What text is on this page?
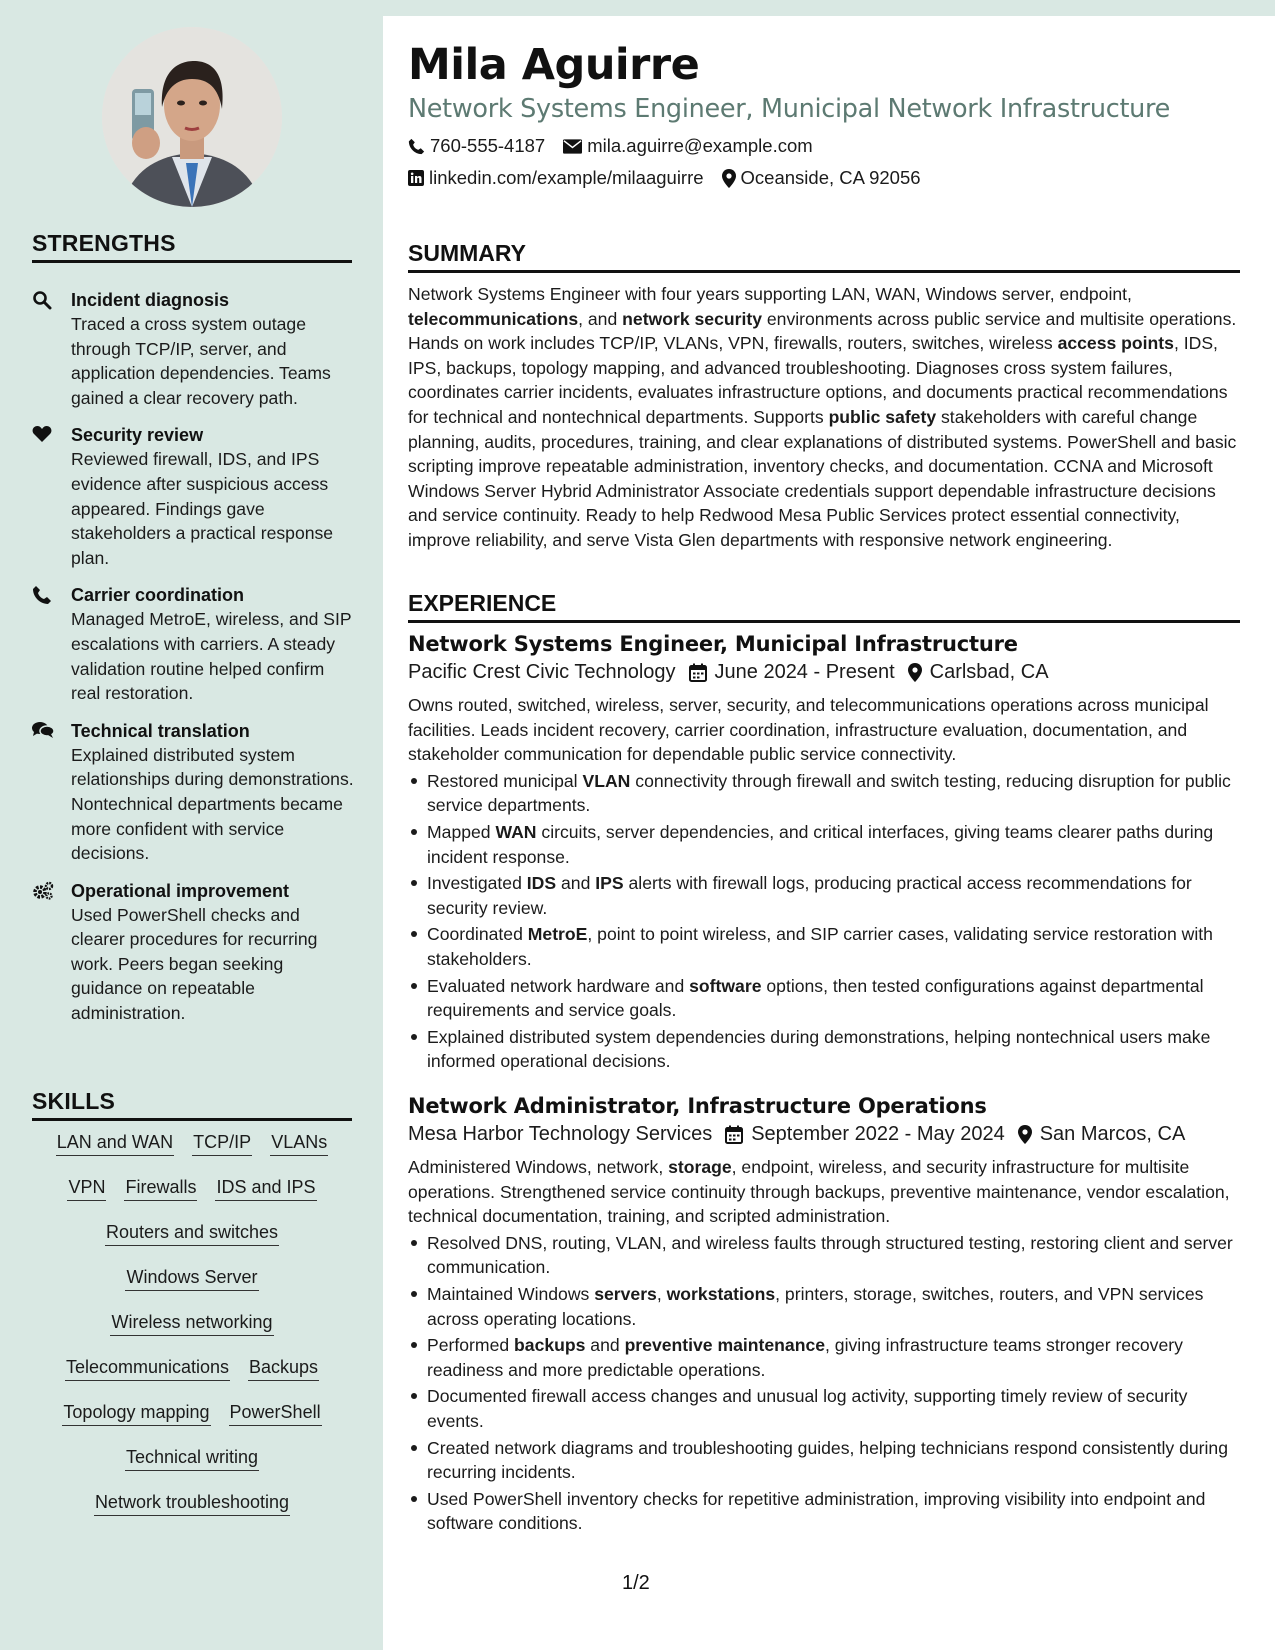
STRENGTHS
Incident diagnosis
Traced a cross system outage through TCP/IP, server, and application dependencies. Teams gained a clear recovery path.
Security review
Reviewed firewall, IDS, and IPS evidence after suspicious access appeared. Findings gave stakeholders a practical response plan.
Carrier coordination
Managed MetroE, wireless, and SIP escalations with carriers. A steady validation routine helped confirm real restoration.
Technical translation
Explained distributed system relationships during demonstrations. Nontechnical departments became more confident with service decisions.
Operational improvement
Used PowerShell checks and clearer procedures for recurring work. Peers began seeking guidance on repeatable administration.
SKILLS
LAN and WAN TCP/IP VLANs
VPN Firewalls IDS and IPS
Routers and switches
Windows Server
Wireless networking
Telecommunications Backups
Topology mapping PowerShell
Technical writing
Network troubleshooting
Mila Aguirre
Network Systems Engineer, Municipal Network Infrastructure
760-555-4187 mila.aguirre@example.com
linkedin.com/example/milaaguirre Oceanside, CA 92056
SUMMARY
Network Systems Engineer with four years supporting LAN, WAN, Windows server, endpoint, telecommunications, and network security environments across public service and multisite operations. Hands on work includes TCP/IP, VLANs, VPN, firewalls, routers, switches, wireless access points, IDS, IPS, backups, topology mapping, and advanced troubleshooting. Diagnoses cross system failures, coordinates carrier incidents, evaluates infrastructure options, and documents practical recommendations for technical and nontechnical departments. Supports public safety stakeholders with careful change planning, audits, procedures, training, and clear explanations of distributed systems. PowerShell and basic scripting improve repeatable administration, inventory checks, and documentation. CCNA and Microsoft Windows Server Hybrid Administrator Associate credentials support dependable infrastructure decisions and service continuity. Ready to help Redwood Mesa Public Services protect essential connectivity, improve reliability, and serve Vista Glen departments with responsive network engineering.
EXPERIENCE
Network Systems Engineer, Municipal Infrastructure
Pacific Crest Civic Technology June 2024 - Present Carlsbad, CA
Owns routed, switched, wireless, server, security, and telecommunications operations across municipal facilities. Leads incident recovery, carrier coordination, infrastructure evaluation, documentation, and stakeholder communication for dependable public service connectivity.
Restored municipal VLAN connectivity through firewall and switch testing, reducing disruption for public service departments.
Mapped WAN circuits, server dependencies, and critical interfaces, giving teams clearer paths during incident response.
Investigated IDS and IPS alerts with firewall logs, producing practical access recommendations for security review.
Coordinated MetroE, point to point wireless, and SIP carrier cases, validating service restoration with stakeholders.
Evaluated network hardware and software options, then tested configurations against departmental requirements and service goals.
Explained distributed system dependencies during demonstrations, helping nontechnical users make informed operational decisions.
Network Administrator, Infrastructure Operations
Mesa Harbor Technology Services September 2022 - May 2024 San Marcos, CA
Administered Windows, network, storage, endpoint, wireless, and security infrastructure for multisite operations. Strengthened service continuity through backups, preventive maintenance, vendor escalation, technical documentation, training, and scripted administration.
Resolved DNS, routing, VLAN, and wireless faults through structured testing, restoring client and server communication.
Maintained Windows servers, workstations, printers, storage, switches, routers, and VPN services across operating locations.
Performed backups and preventive maintenance, giving infrastructure teams stronger recovery readiness and more predictable operations.
Documented firewall access changes and unusual log activity, supporting timely review of security events.
Created network diagrams and troubleshooting guides, helping technicians respond consistently during recurring incidents.
Used PowerShell inventory checks for repetitive administration, improving visibility into endpoint and software conditions.
1/2
